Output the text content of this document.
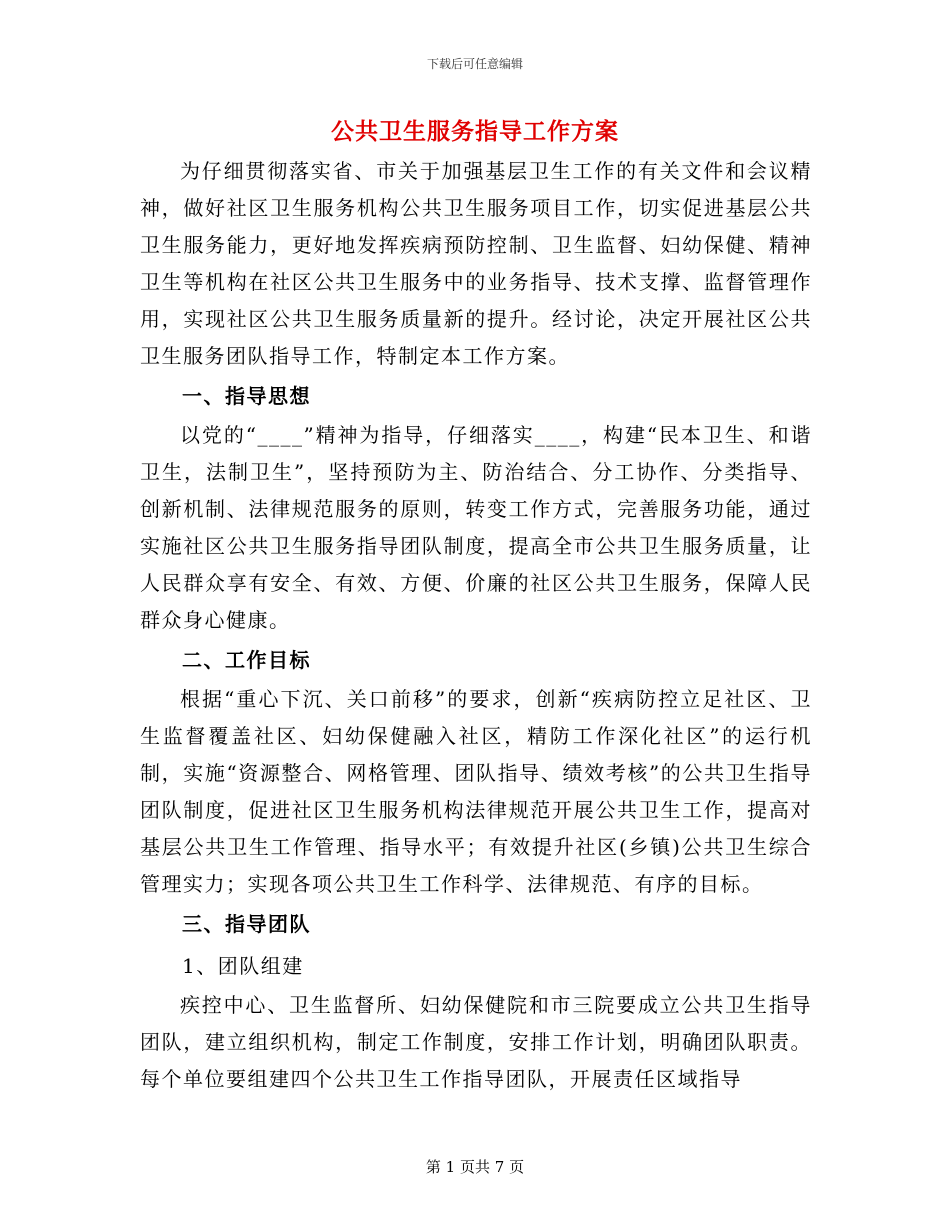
下载后可任意编辑
公共卫生服务指导工作方案

为仔细贯彻落实省、市关于加强基层卫生工作的有关文件和会议精神，做好社区卫生服务机构公共卫生服务项目工作，切实促进基层公共卫生服务能力，更好地发挥疾病预防控制、卫生监督、妇幼保健、精神卫生等机构在社区公共卫生服务中的业务指导、技术支撑、监督管理作用，实现社区公共卫生服务质量新的提升。经讨论，决定开展社区公共卫生服务团队指导工作，特制定本工作方案。

一、指导思想

以党的“____”精神为指导，仔细落实____，构建“民本卫生、和谐卫生，法制卫生”，坚持预防为主、防治结合、分工协作、分类指导、创新机制、法律规范服务的原则，转变工作方式，完善服务功能，通过实施社区公共卫生服务指导团队制度，提高全市公共卫生服务质量，让人民群众享有安全、有效、方便、价廉的社区公共卫生服务，保障人民群众身心健康。

二、工作目标

根据“重心下沉、关口前移”的要求，创新“疾病防控立足社区、卫生监督覆盖社区、妇幼保健融入社区，精防工作深化社区”的运行机制，实施“资源整合、网格管理、团队指导、绩效考核”的公共卫生指导团队制度，促进社区卫生服务机构法律规范开展公共卫生工作，提高对基层公共卫生工作管理、指导水平；有效提升社区(乡镇)公共卫生综合管理实力；实现各项公共卫生工作科学、法律规范、有序的目标。

三、指导团队

1、团队组建

疾控中心、卫生监督所、妇幼保健院和市三院要成立公共卫生指导团队，建立组织机构，制定工作制度，安排工作计划，明确团队职责。每个单位要组建四个公共卫生工作指导团队，开展责任区域指导

第 1 页共 7 页
